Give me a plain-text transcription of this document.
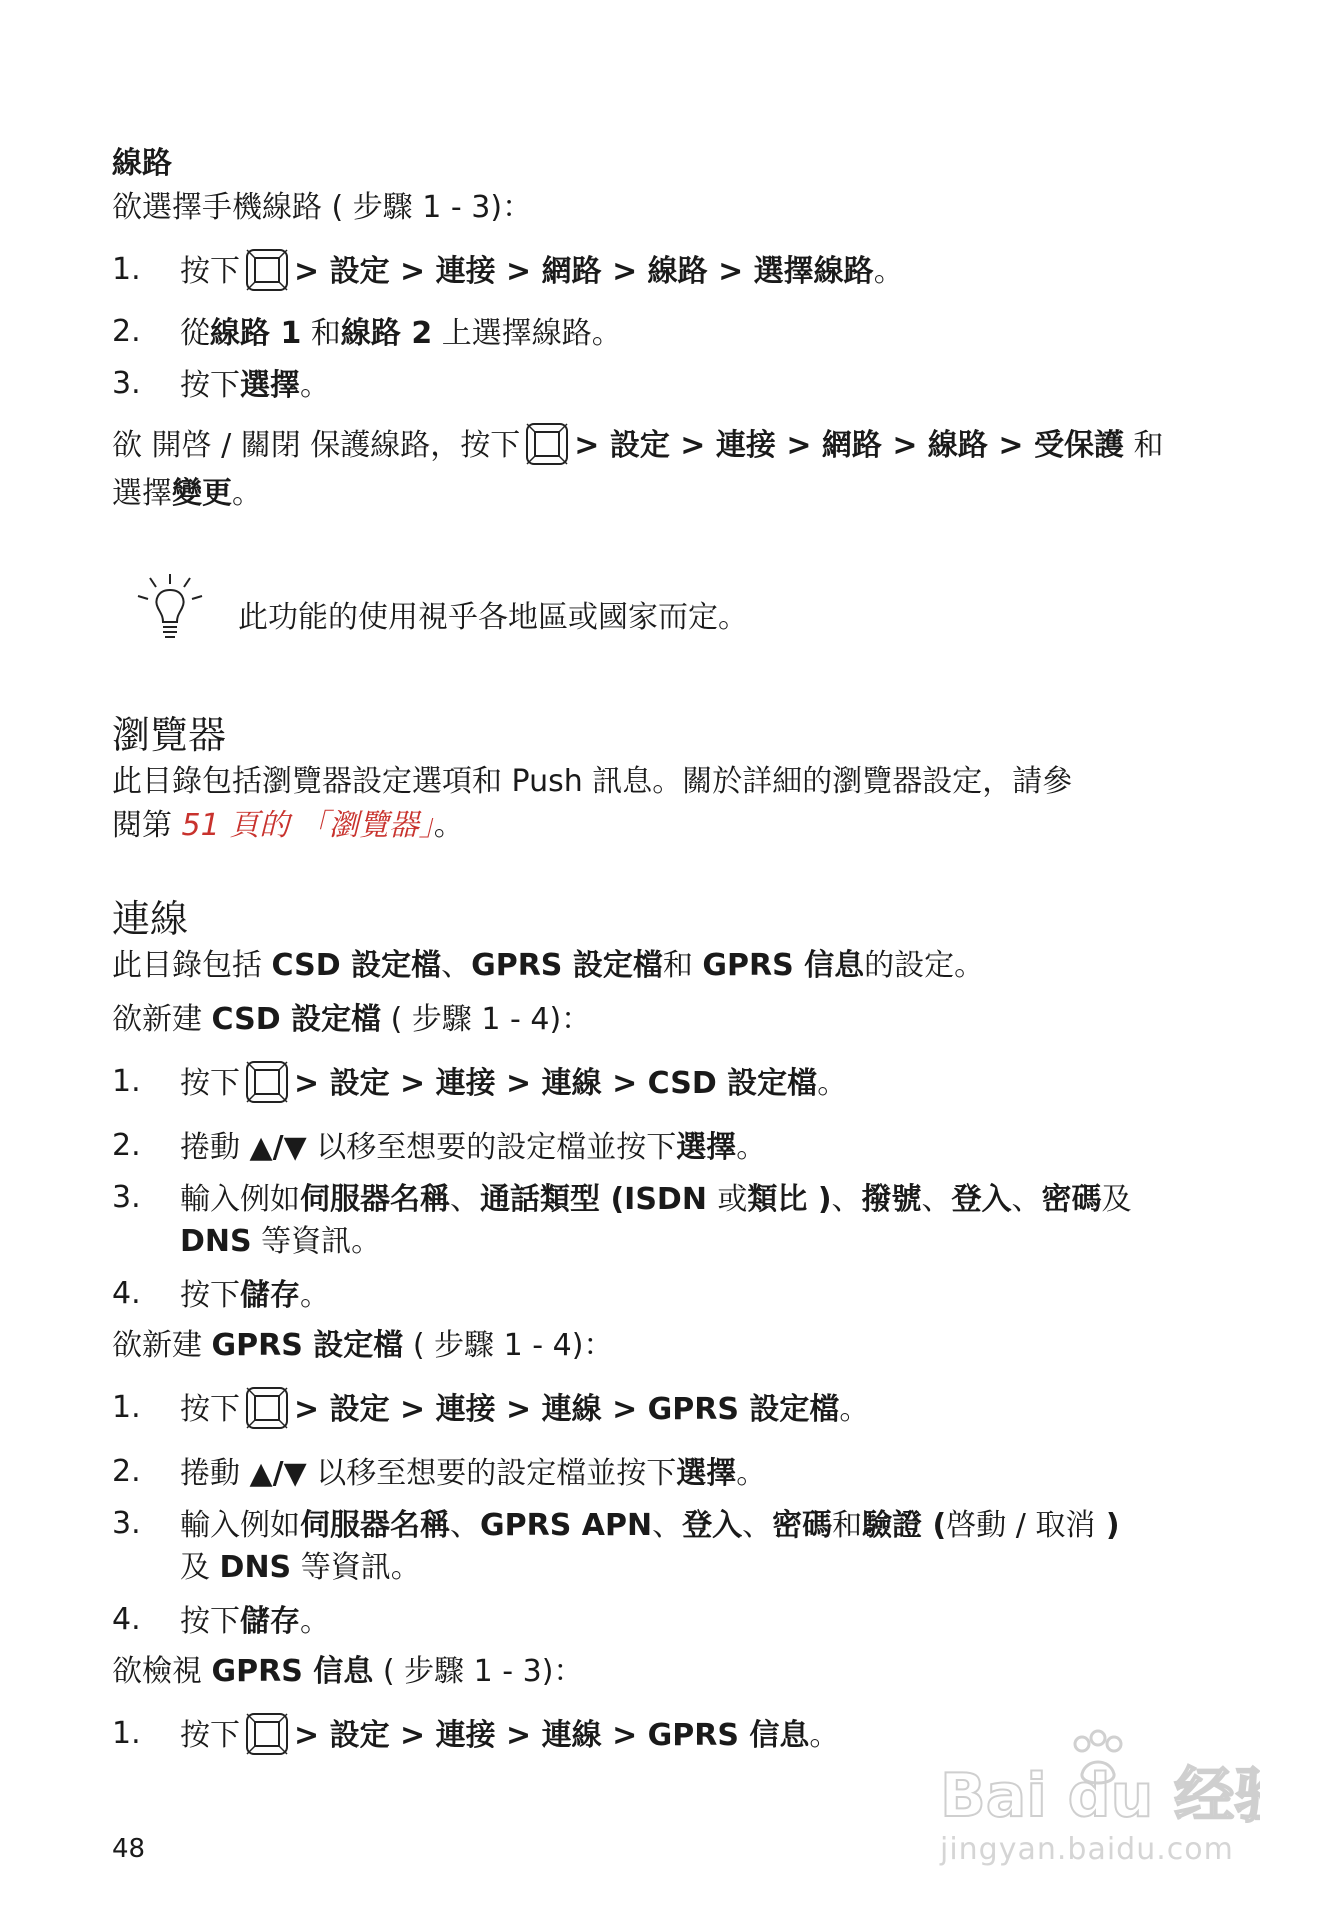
線路
欲選擇手機線路 ( 步驟 1 - 3)：
1. 按下 > 設定 > 連接 > 網路 > 線路 > 選擇線路。
2. 從線路 1 和線路 2 上選擇線路。
3. 按下選擇。
欲 開啓 / 關閉 保護線路，按下 > 設定 > 連接 > 網路 > 線路 > 受保護 和
選擇變更。
此功能的使用視乎各地區或國家而定。
瀏覽器
此目錄包括瀏覽器設定選項和 Push 訊息。關於詳細的瀏覽器設定，請參
閱第 51 頁的 「瀏覽器」。
連線
此目錄包括 CSD 設定檔、GPRS 設定檔和 GPRS 信息的設定。
欲新建 CSD 設定檔 ( 步驟 1 - 4)：
1. 按下 > 設定 > 連接 > 連線 > CSD 設定檔。
2. 捲動 ▲/▼ 以移至想要的設定檔並按下選擇。
3. 輸入例如伺服器名稱、通話類型 (ISDN 或類比 )、撥號、登入、密碼及
DNS 等資訊。
4. 按下儲存。
欲新建 GPRS 設定檔 ( 步驟 1 - 4)：
1. 按下 > 設定 > 連接 > 連線 > GPRS 設定檔。
2. 捲動 ▲/▼ 以移至想要的設定檔並按下選擇。
3. 輸入例如伺服器名稱、GPRS APN、登入、密碼和驗證 (啓動 / 取消 )
及 DNS 等資訊。
4. 按下儲存。
欲檢視 GPRS 信息 ( 步驟 1 - 3)：
1. 按下 > 設定 > 連接 > 連線 > GPRS 信息。
48
Bai du 经验
jingyan.baidu.com
